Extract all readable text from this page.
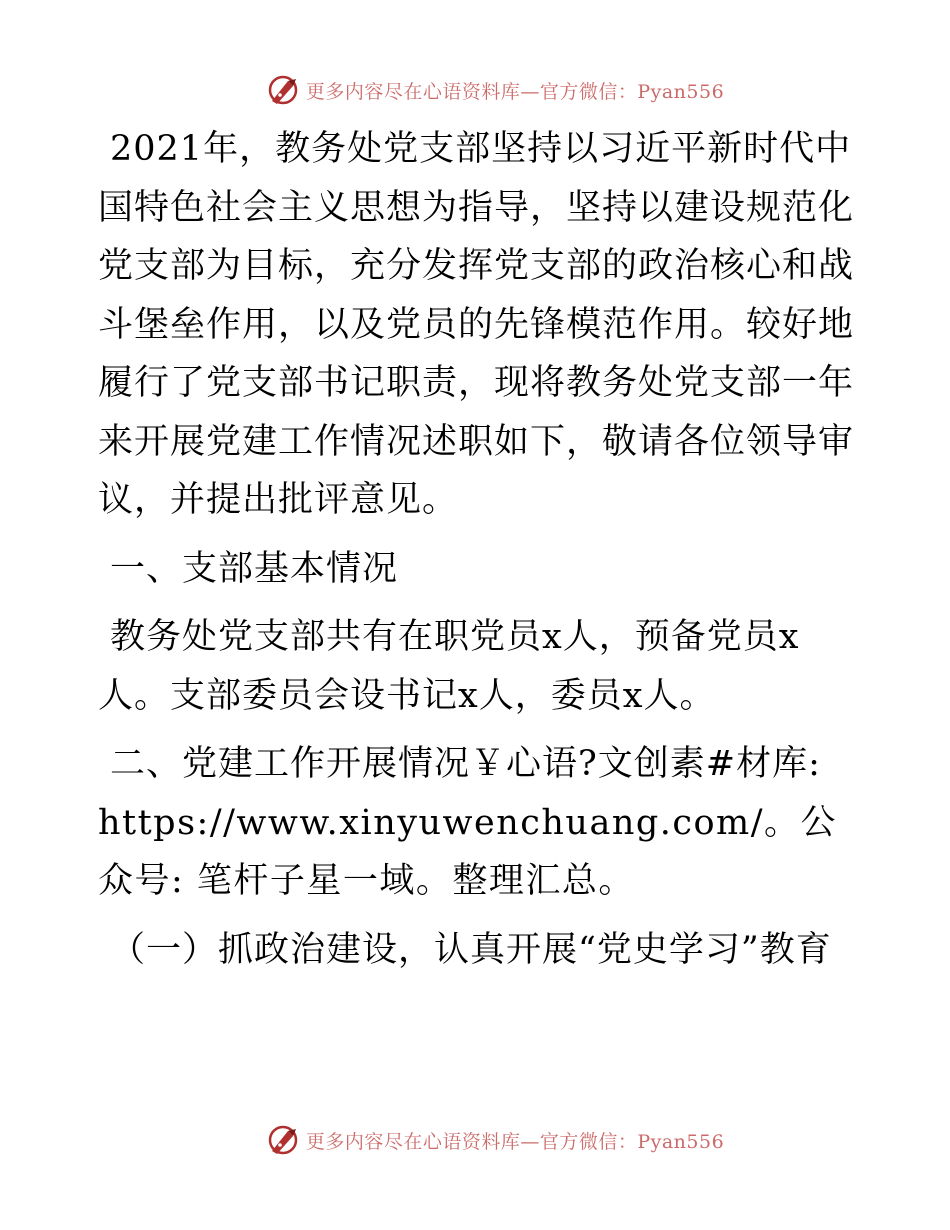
更多内容尽在心语资料库—官方微信：Pyan556

2021年，教务处党支部坚持以习近平新时代中国特色社会主义思想为指导，坚持以建设规范化党支部为目标，充分发挥党支部的政治核心和战斗堡垒作用，以及党员的先锋模范作用。较好地履行了党支部书记职责，现将教务处党支部一年来开展党建工作情况述职如下，敬请各位领导审议，并提出批评意见。

一、支部基本情况

教务处党支部共有在职党员x人，预备党员x人。支部委员会设书记x人，委员x人。

二、党建工作开展情况￥心语?文创素#材库:

https://www.xinyuwenchuang.com/。公众号: 笔杆子星一域。整理汇总。

（一）抓政治建设，认真开展“党史学习”教育

更多内容尽在心语资料库—官方微信：Pyan556
